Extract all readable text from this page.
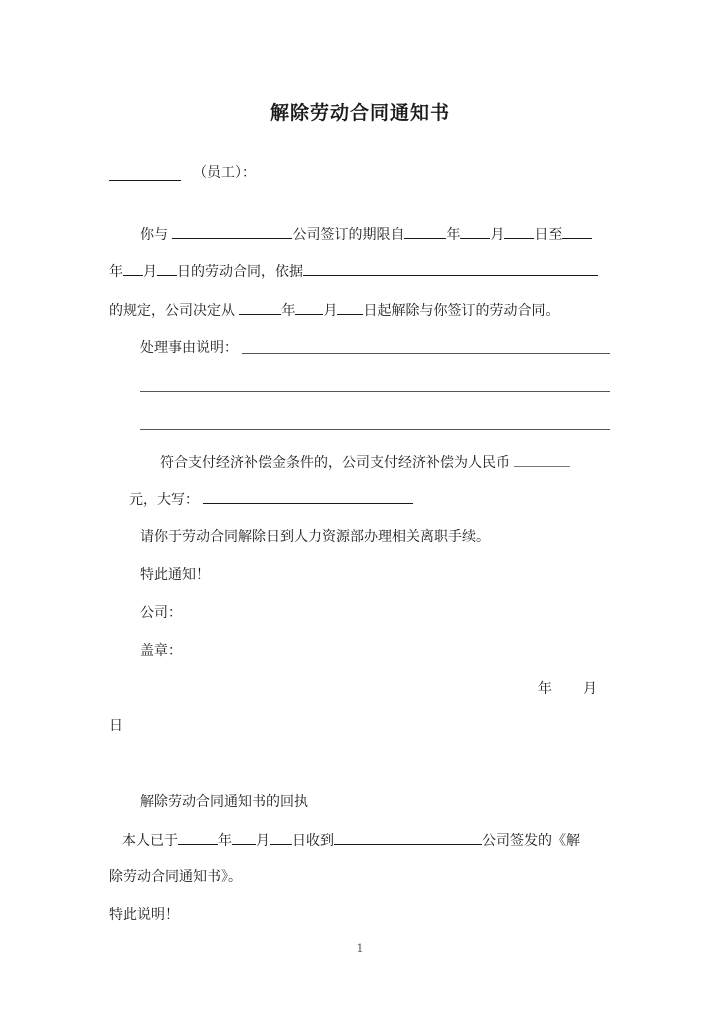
解除劳动合同通知书
（员工）：
你与	公司签订的期限自	年 月 日至
年 月 日的劳动合同，依据
的规定，公司决定从	年 月 日起解除与你签订的劳动合同。
处理事由说明：
符合支付经济补偿金条件的，公司支付经济补偿为人民币
元，大写：
请你于劳动合同解除日到人力资源部办理相关离职手续。
特此通知！
公司：
盖章：
年 月
日
解除劳动合同通知书的回执
本人已于	年 月 日收到	公司签发的《解
除劳动合同通知书》。
特此说明！
1
